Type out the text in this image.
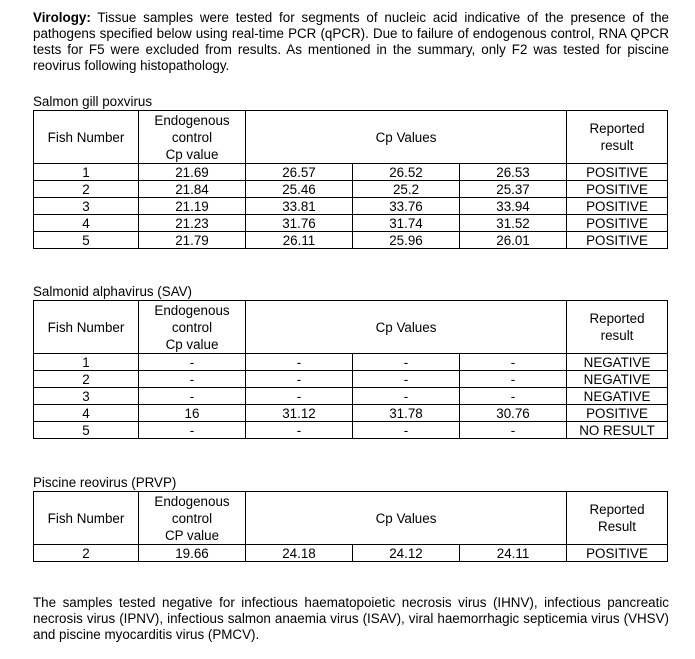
Virology: Tissue samples were tested for segments of nucleic acid indicative of the presence of the pathogens specified below using real-time PCR (qPCR). Due to failure of endogenous control, RNA QPCR tests for F5 were excluded from results. As mentioned in the summary, only F2 was tested for piscine reovirus following histopathology.
Salmon gill poxvirus
Fish Number	Endogenous
control
Cp value	Cp Values			Reported
result

1	21.69	26.57	26.52	26.53	POSITIVE
2	21.84	25.46	25.2	25.37	POSITIVE
3	21.19	33.81	33.76	33.94	POSITIVE
4	21.23	31.76	31.74	31.52	POSITIVE
5	21.79	26.11	25.96	26.01	POSITIVE
Salmonid alphavirus (SAV)
Fish Number	Endogenous
control
Cp value	Cp Values			Reported
result

1	-	-	-	-	NEGATIVE
2	-	-	-	-	NEGATIVE
3	-	-	-	-	NEGATIVE
4	16	31.12	31.78	30.76	POSITIVE
5	-	-	-	-	NO RESULT
Piscine reovirus (PRVP)
Fish Number	Endogenous
control
CP value	Cp Values			Reported
Result

2	19.66	24.18	24.12	24.11	POSITIVE
The samples tested negative for infectious haematopoietic necrosis virus (IHNV), infectious pancreatic necrosis virus (IPNV), infectious salmon anaemia virus (ISAV), viral haemorrhagic septicemia virus (VHSV) and piscine myocarditis virus (PMCV).
